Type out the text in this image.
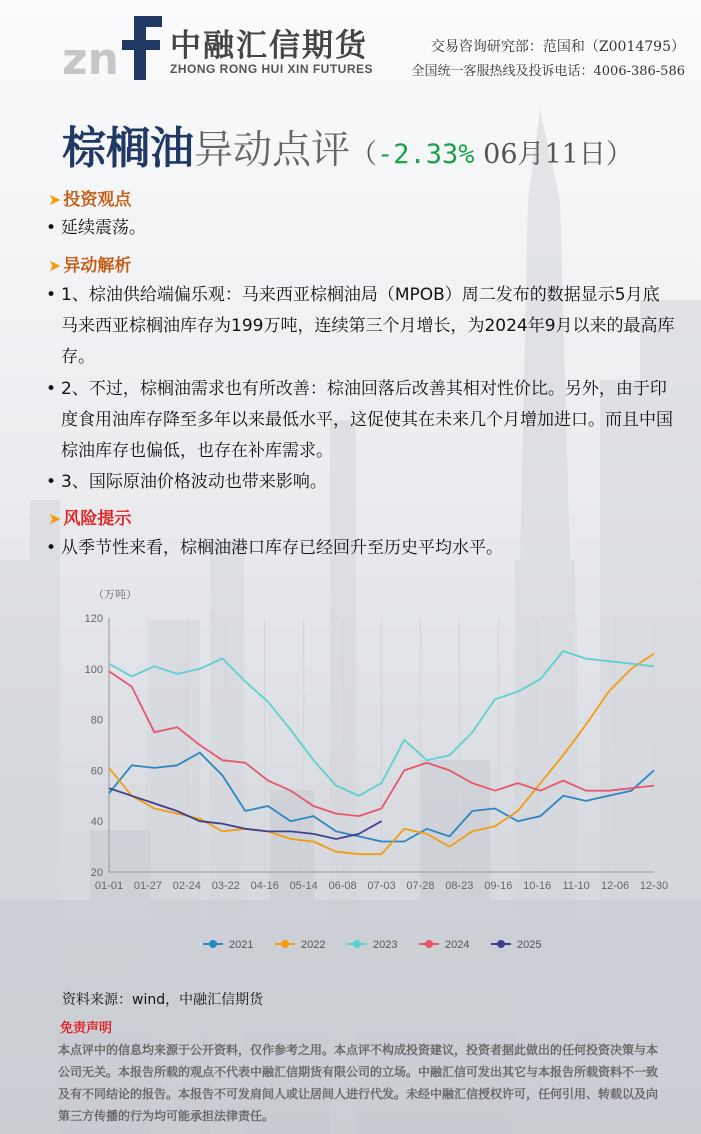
zn 中融汇信期货
ZHONG RONG HUI XIN FUTURES
交易咨询研究部：范国和（Z0014795）
全国统一客服热线及投诉电话：4006-386-586
棕榈油异动点评（-2.33% 06月11日）
➤ 投资观点
• 延续震荡。
➤ 异动解析
• 1、棕油供给端偏乐观：马来西亚棕榈油局（MPOB）周二发布的数据显示5月底马来西亚棕榈油库存为199万吨，连续第三个月增长，为2024年9月以来的最高库存。
• 2、不过，棕榈油需求也有所改善：棕油回落后改善其相对性价比。另外，由于印度食用油库存降至多年以来最低水平，这促使其在未来几个月增加进口。而且中国棕油库存也偏低，也存在补库需求。
• 3、国际原油价格波动也带来影响。
➤ 风险提示
• 从季节性来看，棕榈油港口库存已经回升至历史平均水平。
20
40
60
80
100
120
（万吨）
01-01 01-27 02-24 03-22 04-16 05-14 06-08 07-03 07-28 08-23 09-16 10-16 11-10 12-06 12-30
2021	2022	2023	2024	2025
资料来源：wind，中融汇信期货
免责声明
本点评中的信息均来源于公开资料，仅作参考之用。本点评不构成投资建议，投资者据此做出的任何投资决策与本公司无关。本报告所载的观点不代表中融汇信期货有限公司的立场。中融汇信可发出其它与本报告所载资料不一致及有不同结论的报告。本报告不可发肩间人或让居间人进行代发。未经中融汇信授权许可，任何引用、转载以及向第三方传播的行为均可能承担法律责任。
